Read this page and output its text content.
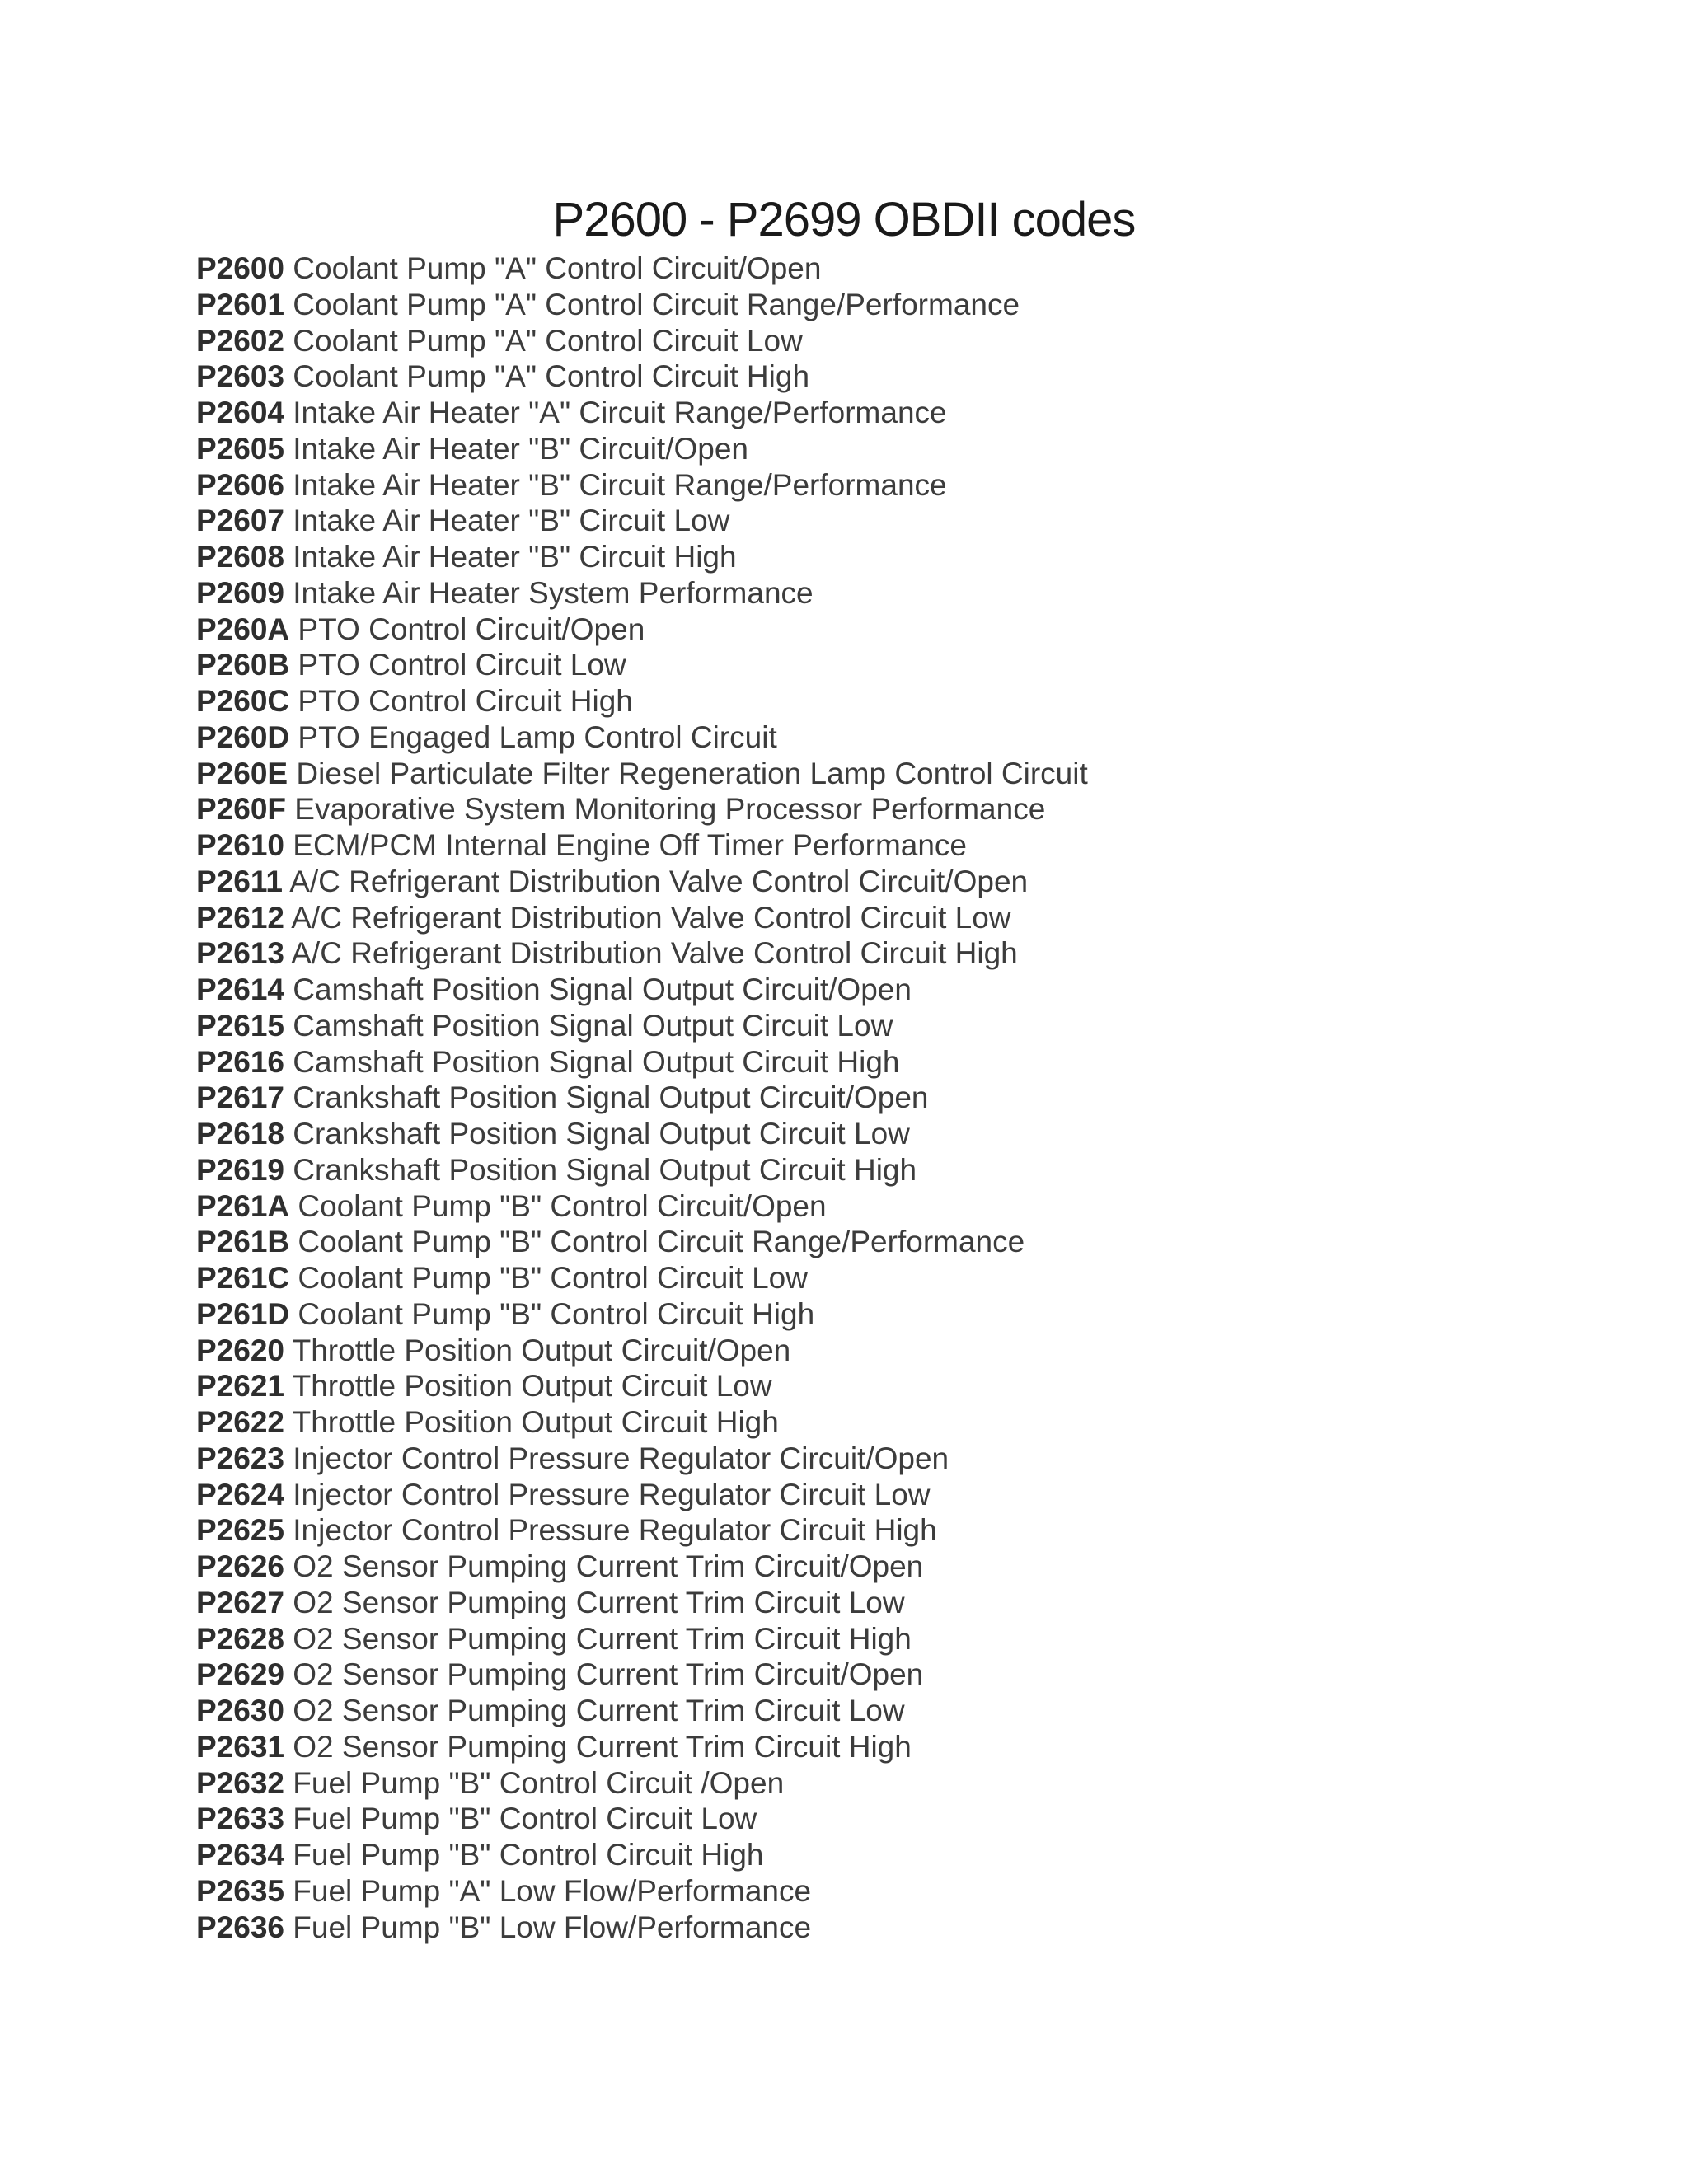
P2600 - P2699 OBDII codes
P2600 Coolant Pump "A" Control Circuit/Open
P2601 Coolant Pump "A" Control Circuit Range/Performance
P2602 Coolant Pump "A" Control Circuit Low
P2603 Coolant Pump "A" Control Circuit High
P2604 Intake Air Heater "A" Circuit Range/Performance
P2605 Intake Air Heater "B" Circuit/Open
P2606 Intake Air Heater "B" Circuit Range/Performance
P2607 Intake Air Heater "B" Circuit Low
P2608 Intake Air Heater "B" Circuit High
P2609 Intake Air Heater System Performance
P260A PTO Control Circuit/Open
P260B PTO Control Circuit Low
P260C PTO Control Circuit High
P260D PTO Engaged Lamp Control Circuit
P260E Diesel Particulate Filter Regeneration Lamp Control Circuit
P260F Evaporative System Monitoring Processor Performance
P2610 ECM/PCM Internal Engine Off Timer Performance
P2611 A/C Refrigerant Distribution Valve Control Circuit/Open
P2612 A/C Refrigerant Distribution Valve Control Circuit Low
P2613 A/C Refrigerant Distribution Valve Control Circuit High
P2614 Camshaft Position Signal Output Circuit/Open
P2615 Camshaft Position Signal Output Circuit Low
P2616 Camshaft Position Signal Output Circuit High
P2617 Crankshaft Position Signal Output Circuit/Open
P2618 Crankshaft Position Signal Output Circuit Low
P2619 Crankshaft Position Signal Output Circuit High
P261A Coolant Pump "B" Control Circuit/Open
P261B Coolant Pump "B" Control Circuit Range/Performance
P261C Coolant Pump "B" Control Circuit Low
P261D Coolant Pump "B" Control Circuit High
P2620 Throttle Position Output Circuit/Open
P2621 Throttle Position Output Circuit Low
P2622 Throttle Position Output Circuit High
P2623 Injector Control Pressure Regulator Circuit/Open
P2624 Injector Control Pressure Regulator Circuit Low
P2625 Injector Control Pressure Regulator Circuit High
P2626 O2 Sensor Pumping Current Trim Circuit/Open
P2627 O2 Sensor Pumping Current Trim Circuit Low
P2628 O2 Sensor Pumping Current Trim Circuit High
P2629 O2 Sensor Pumping Current Trim Circuit/Open
P2630 O2 Sensor Pumping Current Trim Circuit Low
P2631 O2 Sensor Pumping Current Trim Circuit High
P2632 Fuel Pump "B" Control Circuit /Open
P2633 Fuel Pump "B" Control Circuit Low
P2634 Fuel Pump "B" Control Circuit High
P2635 Fuel Pump "A" Low Flow/Performance
P2636 Fuel Pump "B" Low Flow/Performance
